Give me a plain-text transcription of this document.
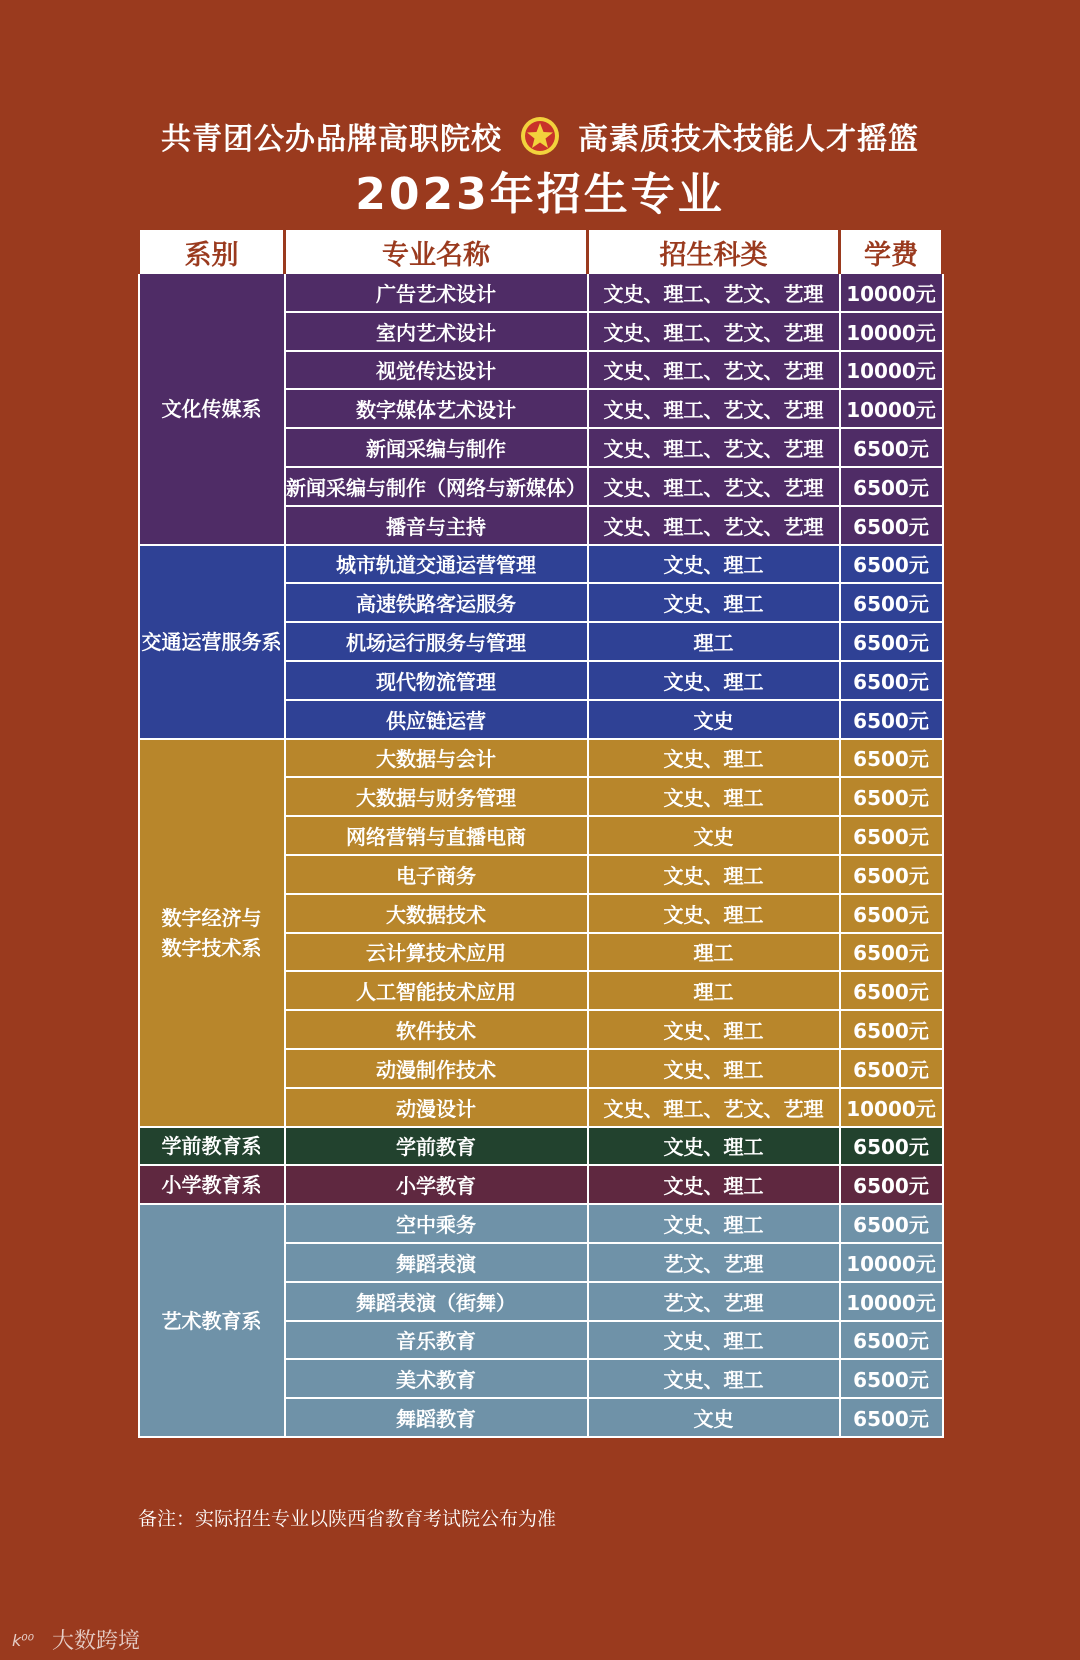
共青团公办品牌高职院校	高素质技术技能人才摇篮
2023年招生专业
系别	专业名称	招生科类	学费
文化传媒系	广告艺术设计	文史、理工、艺文、艺理	10000元
	室内艺术设计	文史、理工、艺文、艺理	10000元
	视觉传达设计	文史、理工、艺文、艺理	10000元
	数字媒体艺术设计	文史、理工、艺文、艺理	10000元
	新闻采编与制作	文史、理工、艺文、艺理	6500元
	新闻采编与制作（网络与新媒体）	文史、理工、艺文、艺理	6500元
	播音与主持	文史、理工、艺文、艺理	6500元
交通运营服务系	城市轨道交通运营管理	文史、理工	6500元
	高速铁路客运服务	文史、理工	6500元
	机场运行服务与管理	理工	6500元
	现代物流管理	文史、理工	6500元
	供应链运营	文史	6500元
数字经济与数字技术系	大数据与会计	文史、理工	6500元
	大数据与财务管理	文史、理工	6500元
	网络营销与直播电商	文史	6500元
	电子商务	文史、理工	6500元
	大数据技术	文史、理工	6500元
	云计算技术应用	理工	6500元
	人工智能技术应用	理工	6500元
	软件技术	文史、理工	6500元
	动漫制作技术	文史、理工	6500元
	动漫设计	文史、理工、艺文、艺理	10000元
学前教育系	学前教育	文史、理工	6500元
小学教育系	小学教育	文史、理工	6500元
艺术教育系	空中乘务	文史、理工	6500元
	舞蹈表演	艺文、艺理	10000元
	舞蹈表演（街舞）	艺文、艺理	10000元
	音乐教育	文史、理工	6500元
	美术教育	文史、理工	6500元
	舞蹈教育	文史	6500元
备注：实际招生专业以陕西省教育考试院公布为准
k⁰⁰ 大数跨境
